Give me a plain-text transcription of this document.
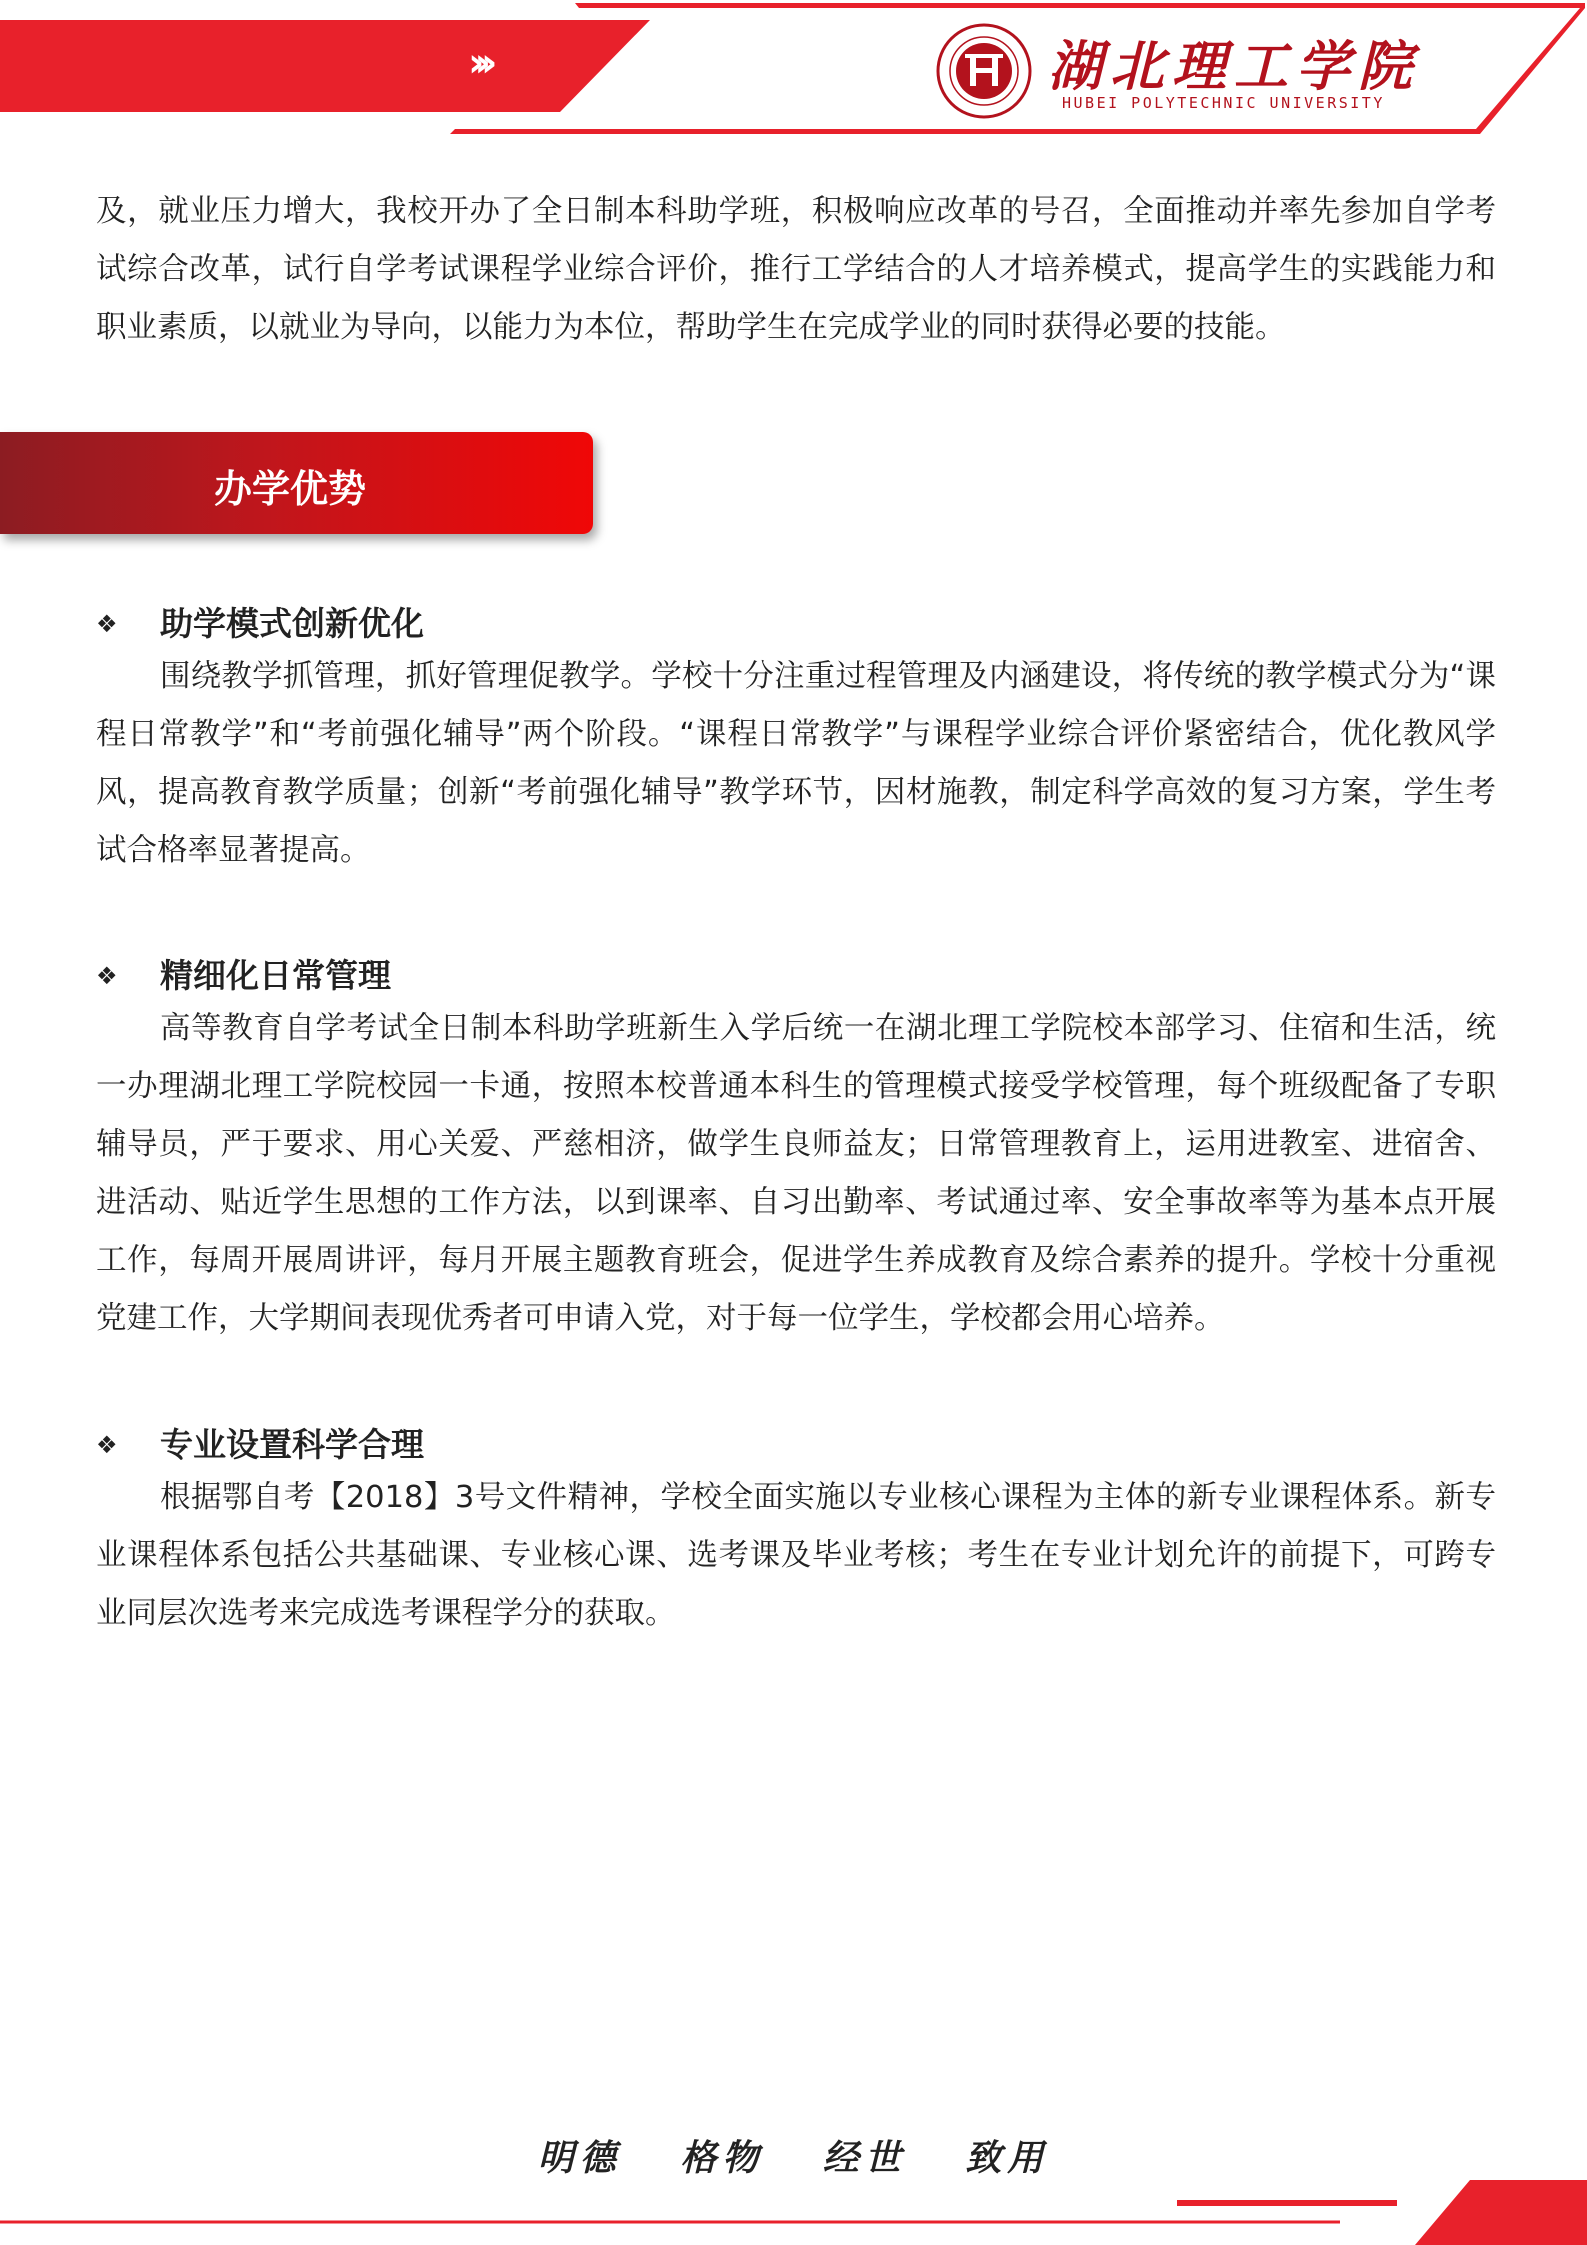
›››	湖北理工学院
HUBEI POLYTECHNIC UNIVERSITY

及，就业压力增大，我校开办了全日制本科助学班，积极响应改革的号召，全面推动并率先参加自学考试综合改革，试行自学考试课程学业综合评价，推行工学结合的人才培养模式，提高学生的实践能力和职业素质，以就业为导向，以能力为本位，帮助学生在完成学业的同时获得必要的技能。

办学优势
❖ 助学模式创新优化

围绕教学抓管理，抓好管理促教学。学校十分注重过程管理及内涵建设，将传统的教学模式分为“课程日常教学”和“考前强化辅导”两个阶段。“课程日常教学”与课程学业综合评价紧密结合，优化教风学风，提高教育教学质量；创新“考前强化辅导”教学环节，因材施教，制定科学高效的复习方案，学生考试合格率显著提高。

❖ 精细化日常管理

高等教育自学考试全日制本科助学班新生入学后统一在湖北理工学院校本部学习、住宿和生活，统一办理湖北理工学院校园一卡通，按照本校普通本科生的管理模式接受学校管理，每个班级配备了专职辅导员，严于要求、用心关爱、严慈相济，做学生良师益友；日常管理教育上，运用进教室、进宿舍、进活动、贴近学生思想的工作方法，以到课率、自习出勤率、考试通过率、安全事故率等为基本点开展工作，每周开展周讲评，每月开展主题教育班会，促进学生养成教育及综合素养的提升。学校十分重视党建工作，大学期间表现优秀者可申请入党，对于每一位学生，学校都会用心培养。

❖ 专业设置科学合理

根据鄂自考【2018】3号文件精神，学校全面实施以专业核心课程为主体的新专业课程体系。新专业课程体系包括公共基础课、专业核心课、选考课及毕业考核；考生在专业计划允许的前提下，可跨专业同层次选考来完成选考课程学分的获取。

明德 格物 经世 致用
